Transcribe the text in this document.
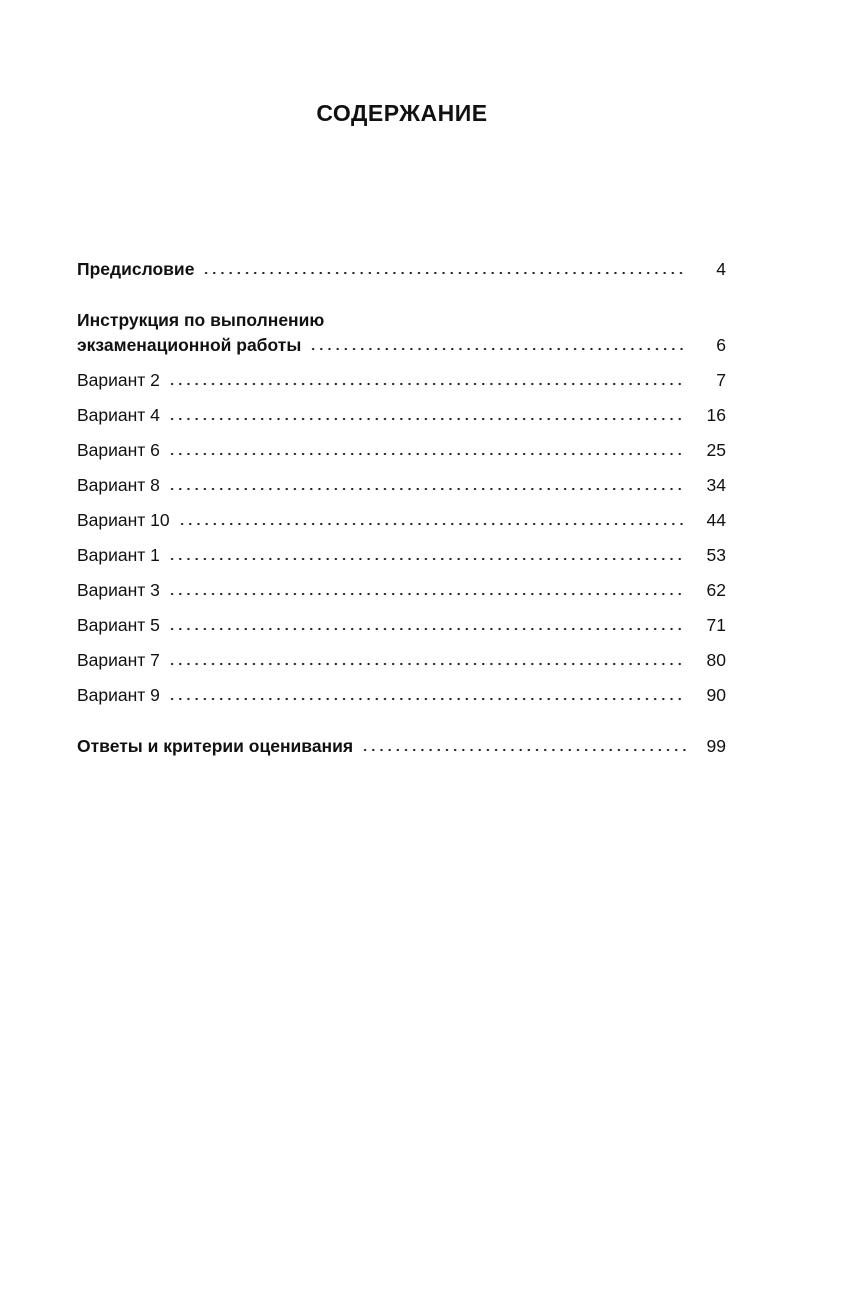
СОДЕРЖАНИЕ
Предисловие	4
Инструкция по выполнению
экзаменационной работы	6
Вариант 2	7
Вариант 4	16
Вариант 6	25
Вариант 8	34
Вариант 10	44
Вариант 1	53
Вариант 3	62
Вариант 5	71
Вариант 7	80
Вариант 9	90
Ответы и критерии оценивания	99
